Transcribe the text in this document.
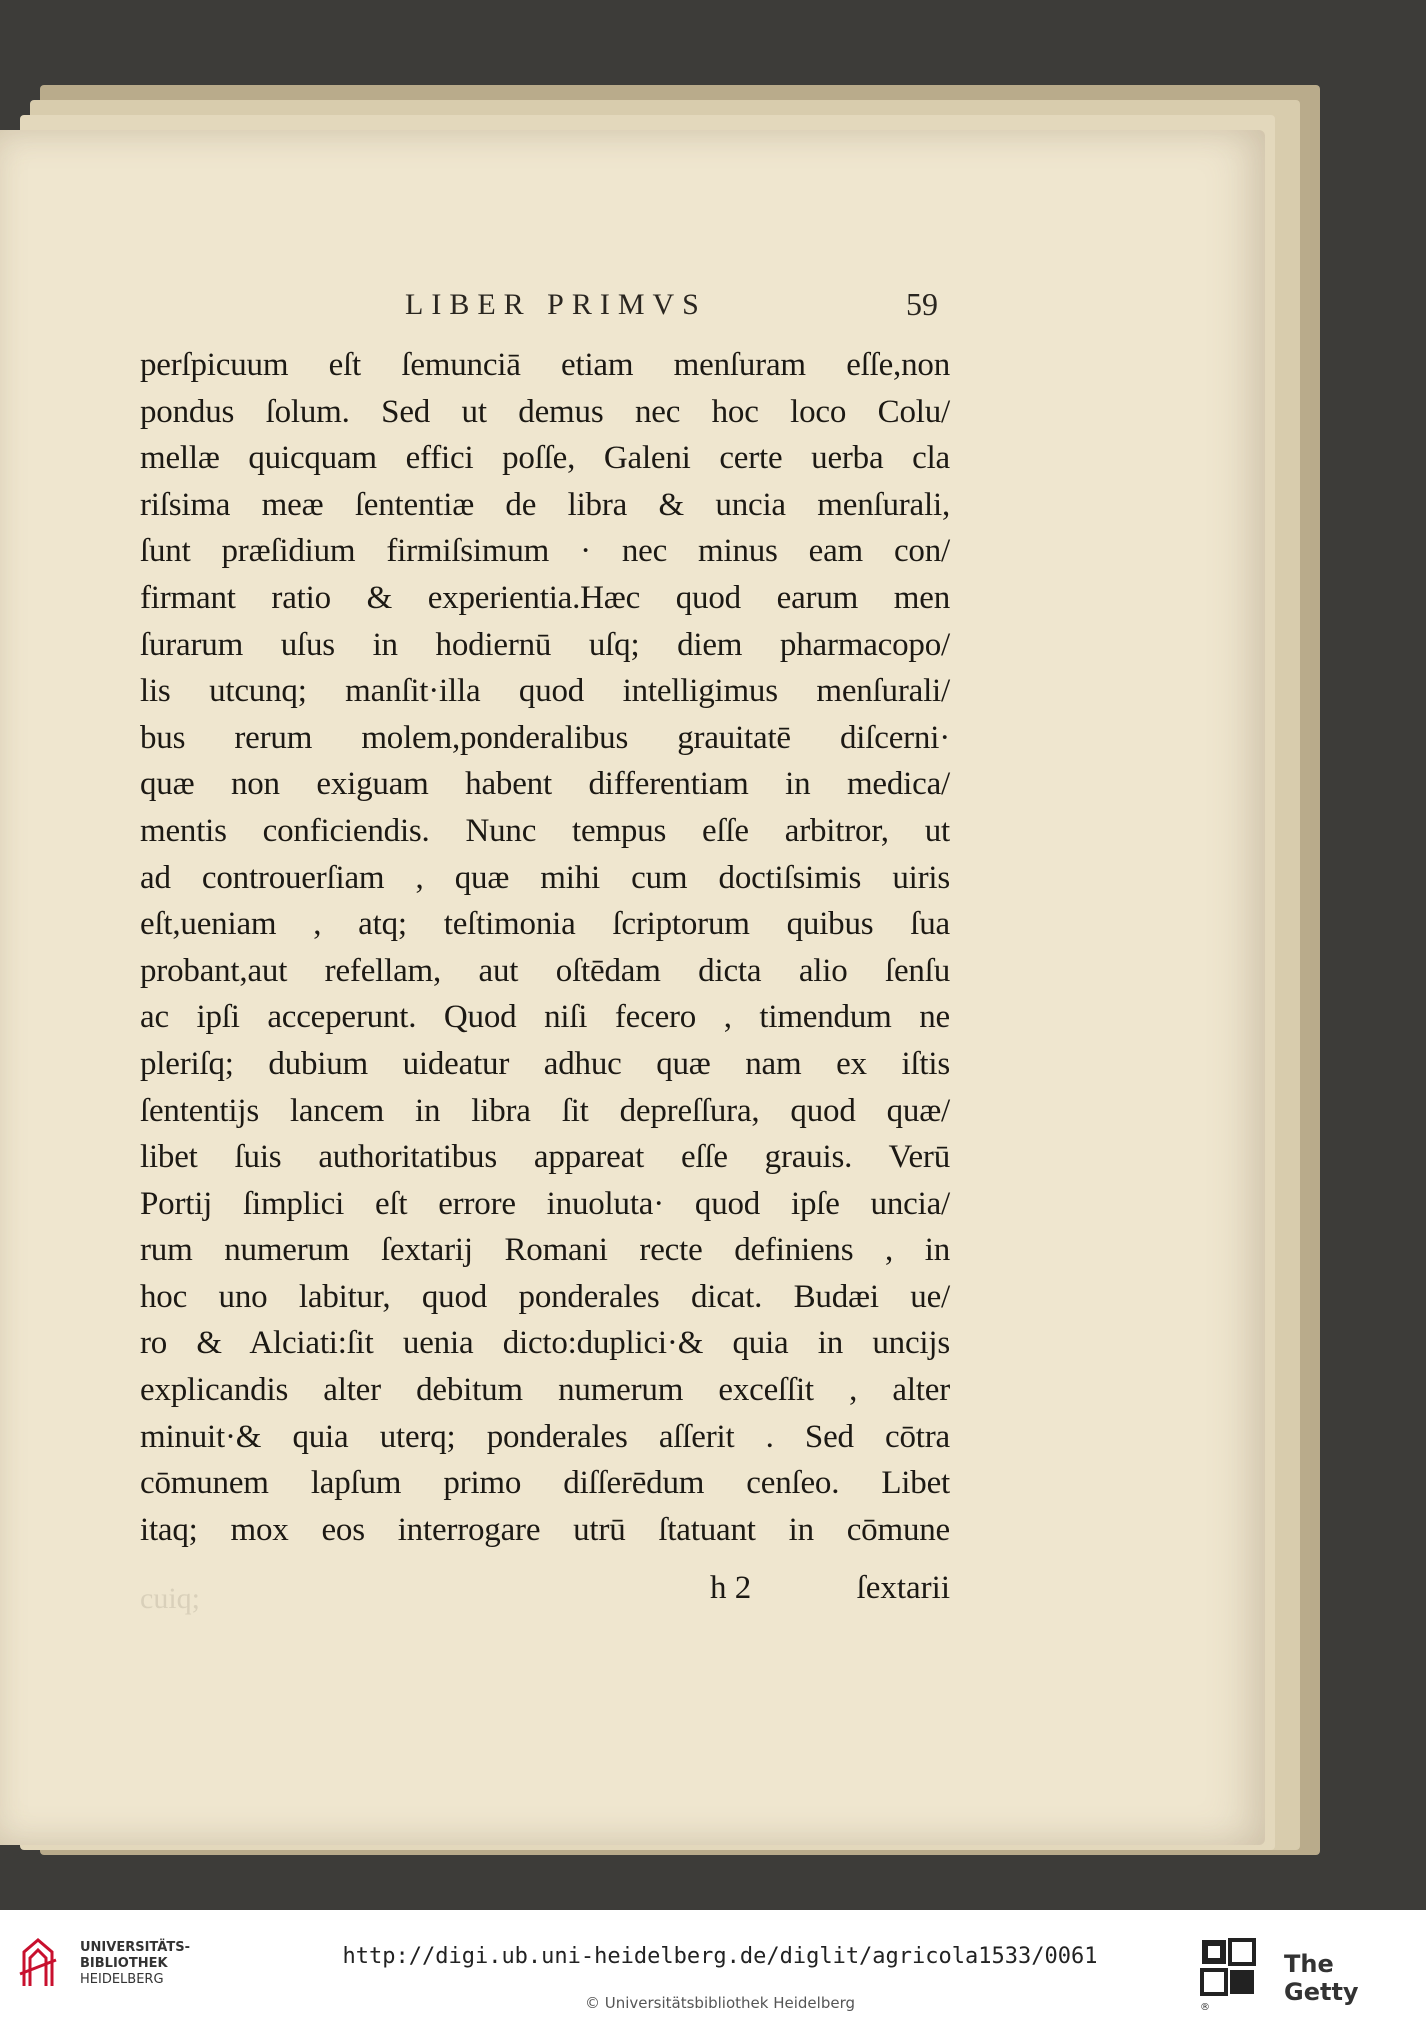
LIBER PRIMVS	59
perſpicuum eſt ſemunciā etiam menſuram eſſe,non
pondus ſolum. Sed ut demus nec hoc loco Colu/
mellæ quicquam effici poſſe, Galeni certe uerba cla
riſsima meæ ſententiæ de libra & uncia menſurali,
ſunt præſidium firmiſsimum · nec minus eam con/
firmant ratio & experientia.Hæc quod earum men
ſurarum uſus in hodiernū uſq; diem pharmacopo/
lis utcunq; manſit·illa quod intelligimus menſurali/
bus rerum molem,ponderalibus grauitatē diſcerni·
quæ non exiguam habent differentiam in medica/
mentis conficiendis. Nunc tempus eſſe arbitror, ut
ad controuerſiam , quæ mihi cum doctiſsimis uiris
eſt,ueniam , atq; teſtimonia ſcriptorum quibus ſua
probant,aut refellam, aut oſtēdam dicta alio ſenſu
ac ipſi acceperunt. Quod niſi fecero , timendum ne
pleriſq; dubium uideatur adhuc quæ nam ex iſtis
ſententijs lancem in libra ſit depreſſura, quod quæ/
libet ſuis authoritatibus appareat eſſe grauis. Verū
Portij ſimplici eſt errore inuoluta· quod ipſe uncia/
rum numerum ſextarij Romani recte definiens , in
hoc uno labitur, quod ponderales dicat. Budæi ue/
ro & Alciati:ſit uenia dicto:duplici·& quia in uncijs
explicandis alter debitum numerum exceſſit , alter
minuit·& quia uterq; ponderales aſſerit . Sed cōtra
cōmunem lapſum primo diſſerēdum cenſeo. Libet
itaq; mox eos interrogare utrū ſtatuant in cōmune
h 2	ſextarii
cuiq;
UNIVERSITÄTS-
BIBLIOTHEK
HEIDELBERG
http://digi.ub.uni-heidelberg.de/diglit/agricola1533/0061
© Universitätsbibliothek Heidelberg	®
The Getty
